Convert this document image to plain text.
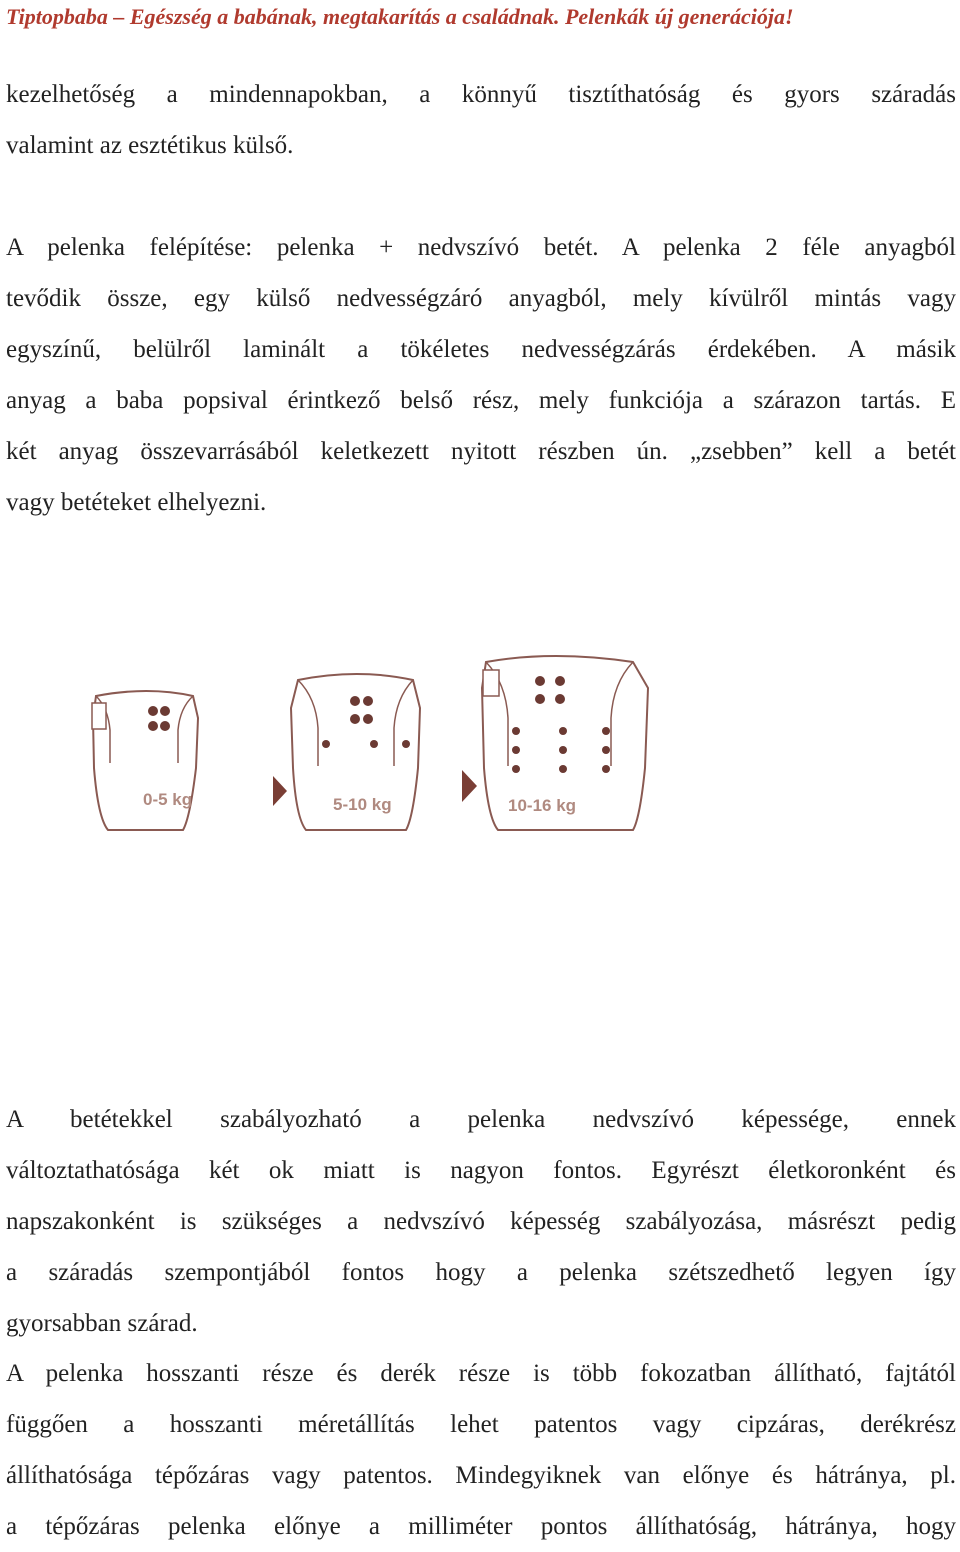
Tiptopbaba – Egészség a babának, megtakarítás a családnak. Pelenkák új generációja!
kezelhetőség a mindennapokban, a könnyű tisztíthatóság és gyors száradás
valamint az esztétikus külső.
A pelenka felépítése: pelenka + nedvszívó betét. A pelenka 2 féle anyagból
tevődik össze, egy külső nedvességzáró anyagból, mely kívülről mintás vagy
egyszínű, belülről laminált a tökéletes nedvességzárás érdekében. A másik
anyag a baba popsival érintkező belső rész, mely funkciója a szárazon tartás. E
két anyag összevarrásából keletkezett nyitott részben ún. „zsebben” kell a betét
vagy betéteket elhelyezni.
0-5 kg	5-10 kg	10-16 kg
A betétekkel szabályozható a pelenka nedvszívó képessége, ennek
változtathatósága két ok miatt is nagyon fontos. Egyrészt életkoronként és
napszakonként is szükséges a nedvszívó képesség szabályozása, másrészt pedig
a száradás szempontjából fontos hogy a pelenka szétszedhető legyen így
gyorsabban szárad.
A pelenka hosszanti része és derék része is több fokozatban állítható, fajtától
függően a hosszanti méretállítás lehet patentos vagy cipzáras, derékrész
állíthatósága tépőzáras vagy patentos. Mindegyiknek van előnye és hátránya, pl.
a tépőzáras pelenka előnye a milliméter pontos állíthatóság, hátránya, hogy
